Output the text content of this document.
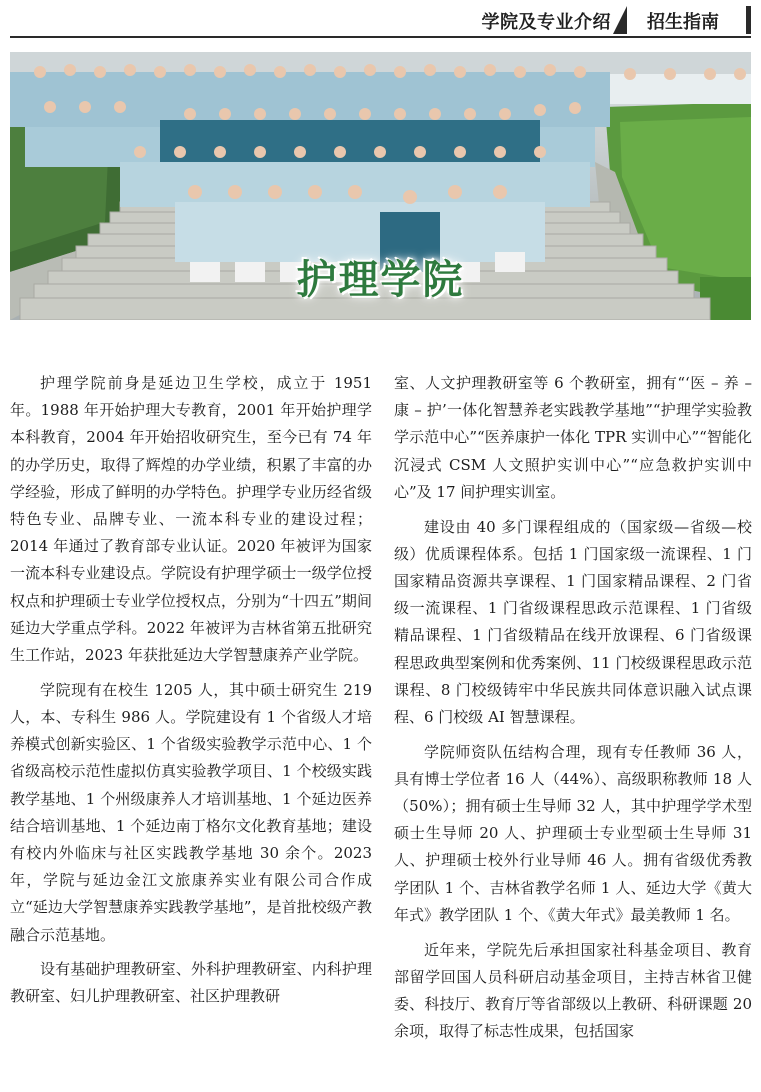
学院及专业介绍	招生指南
护理学院

护理学院前身是延边卫生学校，成立于 1951 年。1988 年开始护理大专教育，2001 年开始护理学本科教育，2004 年开始招收研究生，至今已有 74 年的办学历史，取得了辉煌的办学业绩，积累了丰富的办学经验，形成了鲜明的办学特色。护理学专业历经省级特色专业、品牌专业、一流本科专业的建设过程；2014 年通过了教育部专业认证。2020 年被评为国家一流本科专业建设点。学院设有护理学硕士一级学位授权点和护理硕士专业学位授权点，分别为“十四五”期间延边大学重点学科。2022 年被评为吉林省第五批研究生工作站，2023 年获批延边大学智慧康养产业学院。

学院现有在校生 1205 人，其中硕士研究生 219 人，本、专科生 986 人。学院建设有 1 个省级人才培养模式创新实验区、1 个省级实验教学示范中心、1 个省级高校示范性虚拟仿真实验教学项目、1 个校级实践教学基地、1 个州级康养人才培训基地、1 个延边医养结合培训基地、1 个延边南丁格尔文化教育基地；建设有校内外临床与社区实践教学基地 30 余个。2023 年，学院与延边金江文旅康养实业有限公司合作成立“延边大学智慧康养实践教学基地”，是首批校级产教融合示范基地。

设有基础护理教研室、外科护理教研室、内科护理教研室、妇儿护理教研室、社区护理教研

室、人文护理教研室等 6 个教研室，拥有“‘医 – 养 – 康 – 护’一体化智慧养老实践教学基地”“护理学实验教学示范中心”“医养康护一体化 TPR 实训中心”“智能化沉浸式 CSM 人文照护实训中心”“应急救护实训中心”及 17 间护理实训室。

建设由 40 多门课程组成的（国家级—省级—校级）优质课程体系。包括 1 门国家级一流课程、1 门国家精品资源共享课程、1 门国家精品课程、2 门省级一流课程、1 门省级课程思政示范课程、1 门省级精品课程、1 门省级精品在线开放课程、6 门省级课程思政典型案例和优秀案例、11 门校级课程思政示范课程、8 门校级铸牢中华民族共同体意识融入试点课程、6 门校级 AI 智慧课程。

学院师资队伍结构合理，现有专任教师 36 人，具有博士学位者 16 人（44%）、高级职称教师 18 人（50%）；拥有硕士生导师 32 人，其中护理学学术型硕士生导师 20 人、护理硕士专业型硕士生导师 31 人、护理硕士校外行业导师 46 人。拥有省级优秀教学团队 1 个、吉林省教学名师 1 人、延边大学《黄大年式》教学团队 1 个、《黄大年式》最美教师 1 名。

近年来，学院先后承担国家社科基金项目、教育部留学回国人员科研启动基金项目，主持吉林省卫健委、科技厅、教育厅等省部级以上教研、科研课题 20 余项，取得了标志性成果，包括国家
